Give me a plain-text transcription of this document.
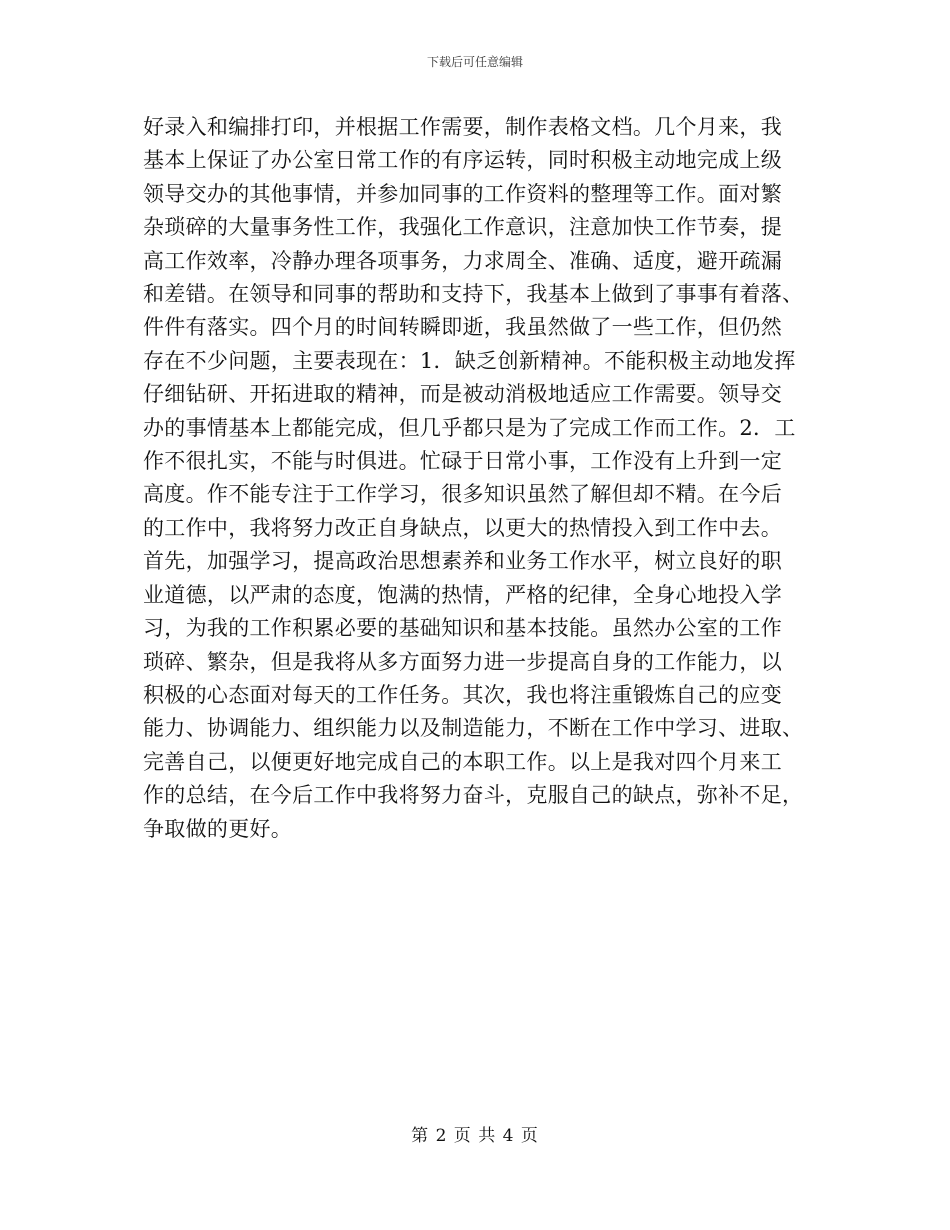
下载后可任意编辑
好录入和编排打印，并根据工作需要，制作表格文档。几个月来，我
基本上保证了办公室日常工作的有序运转，同时积极主动地完成上级
领导交办的其他事情，并参加同事的工作资料的整理等工作。面对繁
杂琐碎的大量事务性工作，我强化工作意识，注意加快工作节奏，提
高工作效率，冷静办理各项事务，力求周全、准确、适度，避开疏漏
和差错。在领导和同事的帮助和支持下，我基本上做到了事事有着落、
件件有落实。四个月的时间转瞬即逝，我虽然做了一些工作，但仍然
存在不少问题，主要表现在：1．缺乏创新精神。不能积极主动地发挥
仔细钻研、开拓进取的精神，而是被动消极地适应工作需要。领导交
办的事情基本上都能完成，但几乎都只是为了完成工作而工作。2．工
作不很扎实，不能与时俱进。忙碌于日常小事，工作没有上升到一定
高度。作不能专注于工作学习，很多知识虽然了解但却不精。在今后
的工作中，我将努力改正自身缺点，以更大的热情投入到工作中去。
首先，加强学习，提高政治思想素养和业务工作水平，树立良好的职
业道德，以严肃的态度，饱满的热情，严格的纪律，全身心地投入学
习，为我的工作积累必要的基础知识和基本技能。虽然办公室的工作
琐碎、繁杂，但是我将从多方面努力进一步提高自身的工作能力，以
积极的心态面对每天的工作任务。其次，我也将注重锻炼自己的应变
能力、协调能力、组织能力以及制造能力，不断在工作中学习、进取、
完善自己，以便更好地完成自己的本职工作。以上是我对四个月来工
作的总结，在今后工作中我将努力奋斗，克服自己的缺点，弥补不足，
争取做的更好。
第 2 页 共 4 页
